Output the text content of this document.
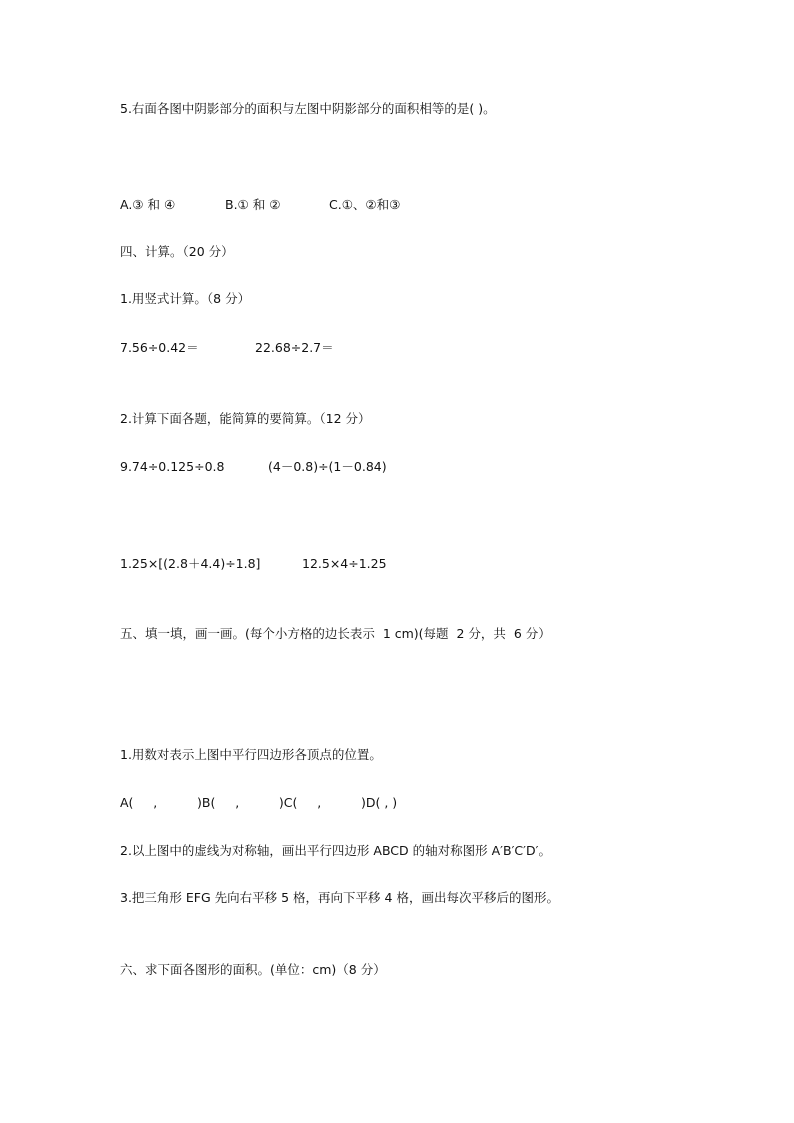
5.右面各图中阴影部分的面积与左图中阴影部分的面积相等的是( )。
A.③ 和 ④	B.① 和 ②	C.①、②和③
四、计算。（20 分）
1.用竖式计算。（8 分）
7.56÷0.42＝	22.68÷2.7＝
2.计算下面各题，能简算的要简算。（12 分）
9.74÷0.125÷0.8	(4－0.8)÷(1－0.84)
1.25×[(2.8＋4.4)÷1.8]	12.5×4÷1.25
五、填一填，画一画。(每个小方格的边长表示  1 cm)(每题  2 分，共  6 分）
1.用数对表示上图中平行四边形各顶点的位置。
A(     ,          )B(     ,          )C(     ,          )D( , )
2.以上图中的虚线为对称轴，画出平行四边形 ABCD 的轴对称图形 A′B′C′D′。
3.把三角形 EFG 先向右平移 5 格，再向下平移 4 格，画出每次平移后的图形。
六、求下面各图形的面积。(单位：cm)（8 分）
